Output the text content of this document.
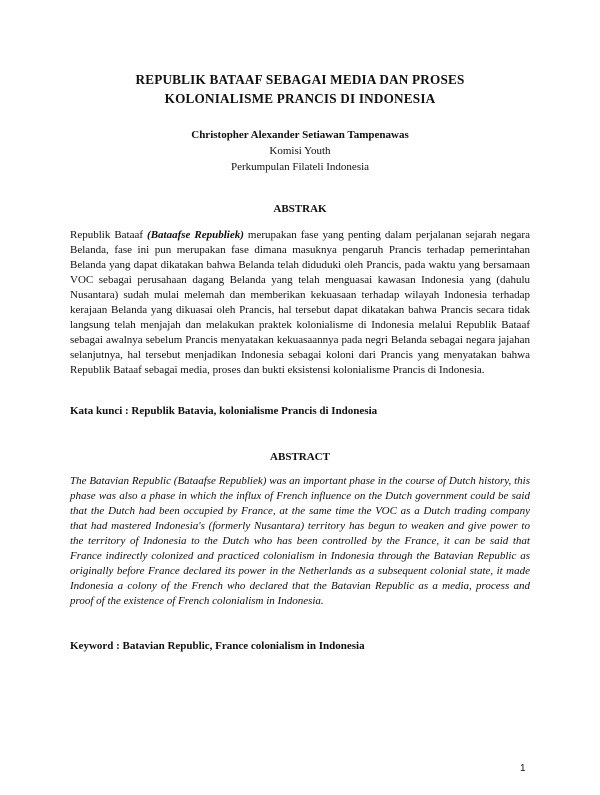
REPUBLIK BATAAF SEBAGAI MEDIA DAN PROSES
KOLONIALISME PRANCIS DI INDONESIA
Christopher Alexander Setiawan Tampenawas
Komisi Youth
Perkumpulan Filateli Indonesia
ABSTRAK
Republik Bataaf (Bataafse Republiek) merupakan fase yang penting dalam perjalanan sejarah negara Belanda, fase ini pun merupakan fase dimana masuknya pengaruh Prancis terhadap pemerintahan Belanda yang dapat dikatakan bahwa Belanda telah diduduki oleh Prancis, pada waktu yang bersamaan VOC sebagai perusahaan dagang Belanda yang telah menguasai kawasan Indonesia yang (dahulu Nusantara) sudah mulai melemah dan memberikan kekuasaan terhadap wilayah Indonesia terhadap kerajaan Belanda yang dikuasai oleh Prancis, hal tersebut dapat dikatakan bahwa Prancis secara tidak langsung telah menjajah dan melakukan praktek kolonialisme di Indonesia melalui Republik Bataaf sebagai awalnya sebelum Prancis menyatakan kekuasaannya pada negri Belanda sebagai negara jajahan selanjutnya, hal tersebut menjadikan Indonesia sebagai koloni dari Prancis yang menyatakan bahwa Republik Bataaf sebagai media, proses dan bukti eksistensi kolonialisme Prancis di Indonesia.
Kata kunci : Republik Batavia, kolonialisme Prancis di Indonesia
ABSTRACT
The Batavian Republic (Bataafse Republiek) was an important phase in the course of Dutch history, this phase was also a phase in which the influx of French influence on the Dutch government could be said that the Dutch had been occupied by France, at the same time the VOC as a Dutch trading company that had mastered Indonesia's (formerly Nusantara) territory has begun to weaken and give power to the territory of Indonesia to the Dutch who has been controlled by the France, it can be said that France indirectly colonized and practiced colonialism in Indonesia through the Batavian Republic as originally before France declared its power in the Netherlands as a subsequent colonial state, it made Indonesia a colony of the French who declared that the Batavian Republic as a media, process and proof of the existence of French colonialism in Indonesia.
Keyword : Batavian Republic, France colonialism in Indonesia
1
